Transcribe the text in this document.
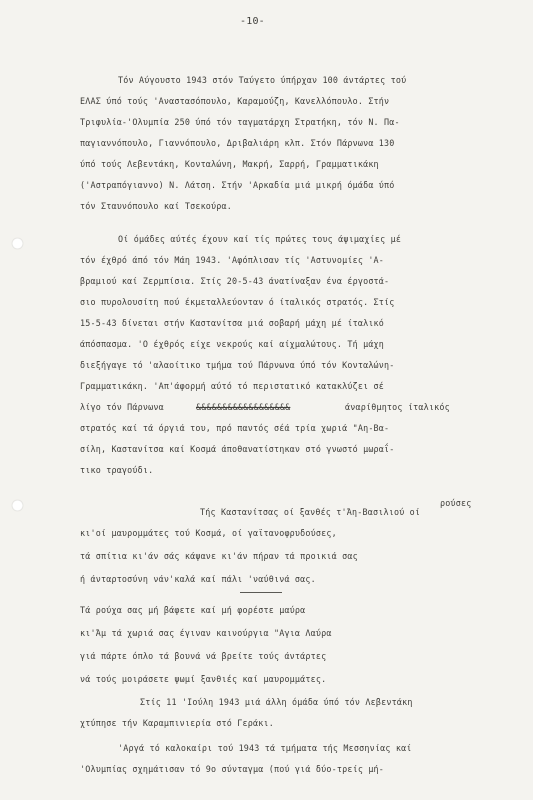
-10-
Τόν Αύγουστο 1943 στόν Ταύγετο ύπήρχαν 100 άντάρτες τού
ΕΛΑΣ ύπό τούς 'Αναστασόπουλο, Καραμούζη, Κανελλόπουλο. Στήν
Τριφυλία-'Ολυμπία 250 ύπό τόν ταγματάρχη Στρατήκη, τόν Ν. Πα-
παγιαννόπουλο, Γιαννόπουλο, Δριβαλιάρη κλπ. Στόν Πάρνωνα 130
ύπό τούς Λεβεντάκη, Κονταλώνη, Μακρή, Σαρρή, Γραμματικάκη
('Αστραπόγιαννο) Ν. Λάτση. Στήν 'Αρκαδία μιά μικρή όμάδα ύπό
τόν Σταυνόπουλο καί Τσεκούρα.
Οί όμάδες αύτές έχουν καί τίς πρώτες τους άψιμαχίες μέ
τόν έχθρό άπό τόν Μάη 1943. 'Αφόπλισαν τίς 'Αστυνομίες 'Α-
βραμιού καί Ζερμπίσια. Στίς 20-5-43 άνατίναξαν ένα έργοστά-
σιο πυρολουσίτη πού έκμεταλλεύονταν ό ίταλικός στρατός. Στίς
15-5-43 δίνεται στήν Καστανίτσα μιά σοβαρή μάχη μέ ίταλικό
άπόσπασμα. 'Ο έχθρός είχε νεκρούς καί αίχμαλώτους. Τή μάχη
διεξήγαγε τό 'αλαοίτικο τμήμα τού Πάρνωνα ύπό τόν Κονταλώνη-
Γραμματικάκη. 'Απ'άφορμή αύτό τό περιστατικό κατακλύζει σέ
λίγο τόν Πάρνωνα	&&&&&&&&&&&&&&&&&&	άναρίθμητος ίταλικός
στρατός καί τά όργιά του, πρό παντός σέά τρία χωριά "Αη-Βα-
σίλη, Καστανίτσα καί Κοσμά άποθανατίστηκαν στό γνωστό μωραΐ-
τικο τραγούδι.
ρούσες
Τής Καστανίτσας οί ξανθές τ'Άη-Βασιλιού οί
κι'οί μαυρομμάτες τού Κοσμά, οί γαϊτανοφρυδούσες,
τά σπίτια κι'άν σάς κάψανε κι'άν πήραν τά προικιά σας
ή άνταρτοσύνη νάν'καλά καί πάλι 'ναύθινά σας.
Τά ρούχα σας μή βάφετε καί μή φορέστε μαύρα
κι'Άμ τά χωριά σας έγιναν καινούργια "Αγια Λαύρα
γιά πάρτε όπλο τά βουνά νά βρείτε τούς άντάρτες
νά τούς μοιράσετε ψωμί ξανθιές καί μαυρομμάτες.
Στίς 11 'Ιούλη 1943 μιά άλλη όμάδα ύπό τόν Λεβεντάκη
χτύπησε τήν Καραμπινιερία στό Γεράκι.
'Αργά τό καλοκαίρι τού 1943 τά τμήματα τής Μεσσηνίας καί
'Ολυμπίας σχημάτισαν τό 9ο σύνταγμα (πού γιά δύο-τρείς μή-
